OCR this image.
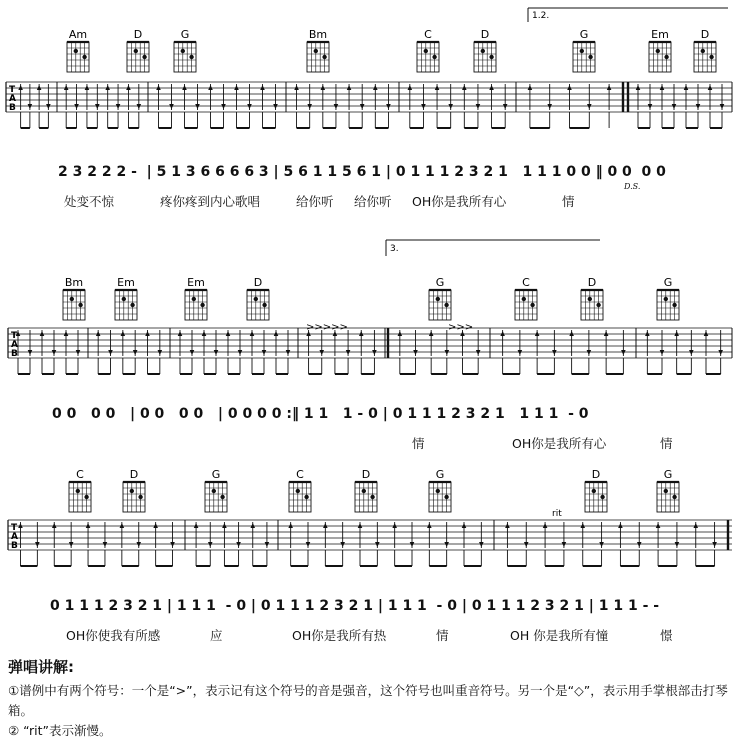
T
A
B
Am	D	G	Bm	C	D	G	Em	D
1.2.
T
A
B
Bm	Em	Em	D	G	C	D	G
>>>>>	>>>
3.
T
A
B
C	D	G	C	D	G	D	G
rit
2 3 2 2 2 -  | 5 1 3 6 6 6 6 3 | 5 6 1 1 5 6 1 | 0 1 1 1 2 3 2 1   1 1 1 0 0 ‖ 0 0  0 0
D.S.
处变不惊	疼你疼到内心歌唱	给你听 给你听 OH你是我所有心	情
0 0   0 0   | 0 0   0 0   | 0 0 0 0 :‖ 1 1   1 - 0 | 0 1 1 1 2 3 2 1   1 1 1  - 0
情	OH你是我所有心	情
0 1 1 1 2 3 2 1 | 1 1 1  - 0 | 0 1 1 1 2 3 2 1 | 1 1 1  - 0 | 0 1 1 1 2 3 2 1 | 1 1 1 - -
OH你使我有所感	应	OH你是我所有热	情	OH 你是我所有憧	憬
弹唱讲解:

①谱例中有两个符号：一个是“>”，表示记有这个符号的音是强音，这个符号也叫重音符号。另一个是“◇”，表示用手掌根部击打琴箱。

② “rit”表示渐慢。
